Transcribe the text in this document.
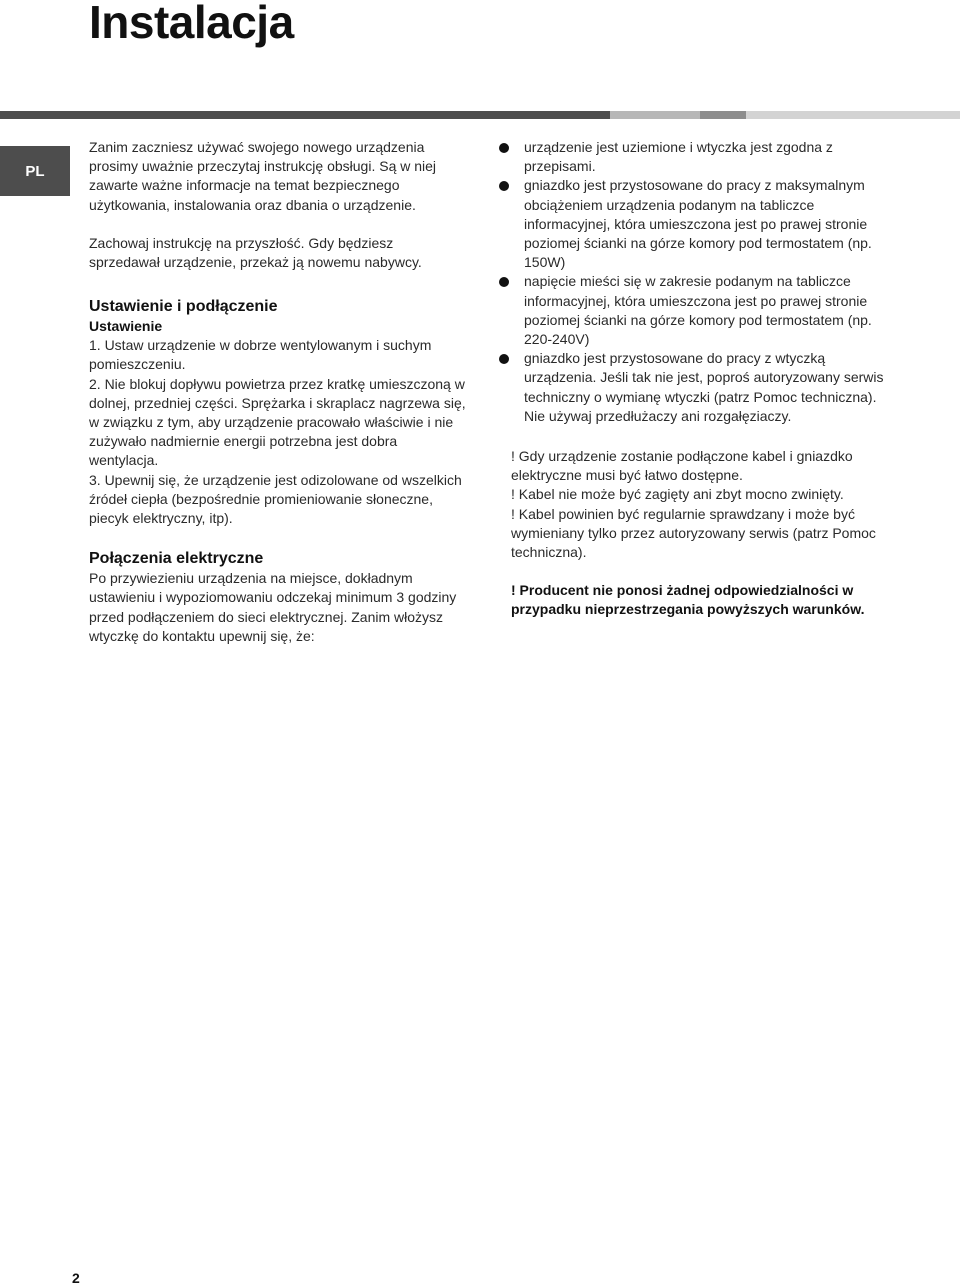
Instalacja
PL

Zanim zaczniesz używać swojego nowego urządzenia prosimy uważnie przeczytaj instrukcję obsługi. Są w niej zawarte ważne informacje na temat bezpiecznego użytkowania, instalowania oraz dbania o urządzenie.

Zachowaj instrukcję na przyszłość. Gdy będziesz sprzedawał urządzenie, przekaż ją nowemu nabywcy.

Ustawienie i podłączenie
Ustawienie

1. Ustaw urządzenie w dobrze wentylowanym i suchym pomieszczeniu.

2. Nie blokuj dopływu powietrza przez kratkę umieszczoną w dolnej, przedniej części. Sprężarka i skraplacz nagrzewa się, w związku z tym, aby urządzenie pracowało właściwie i nie zużywało nadmiernie energii potrzebna jest dobra wentylacja.

3. Upewnij się, że urządzenie jest odizolowane od wszelkich źródeł ciepła (bezpośrednie promieniowanie słoneczne, piecyk elektryczny, itp).

Połączenia elektryczne

Po przywiezieniu urządzenia na miejsce, dokładnym ustawieniu i wypoziomowaniu odczekaj minimum 3 godziny przed podłączeniem do sieci elektrycznej. Zanim włożysz wtyczkę do kontaktu upewnij się, że:

urządzenie jest uziemione i wtyczka jest zgodna z przepisami.

gniazdko jest przystosowane do pracy z maksymalnym obciążeniem urządzenia podanym na tabliczce informacyjnej, która umieszczona jest po prawej stronie poziomej ścianki na górze komory pod termostatem (np. 150W)

napięcie mieści się w zakresie podanym na tabliczce informacyjnej, która umieszczona jest po prawej stronie poziomej ścianki na górze komory pod termostatem (np. 220-240V)

gniazdko jest przystosowane do pracy z wtyczką urządzenia. Jeśli tak nie jest, poproś autoryzowany serwis techniczny o wymianę wtyczki (patrz Pomoc techniczna). Nie używaj przedłużaczy ani rozgałęziaczy.

! Gdy urządzenie zostanie podłączone kabel i gniazdko elektryczne musi być łatwo dostępne.

! Kabel nie może być zagięty ani zbyt mocno zwinięty.

! Kabel powinien być regularnie sprawdzany i może być wymieniany tylko przez autoryzowany serwis (patrz Pomoc techniczna).

! Producent nie ponosi żadnej odpowiedzialności w przypadku nieprzestrzegania powyższych warunków.

2
